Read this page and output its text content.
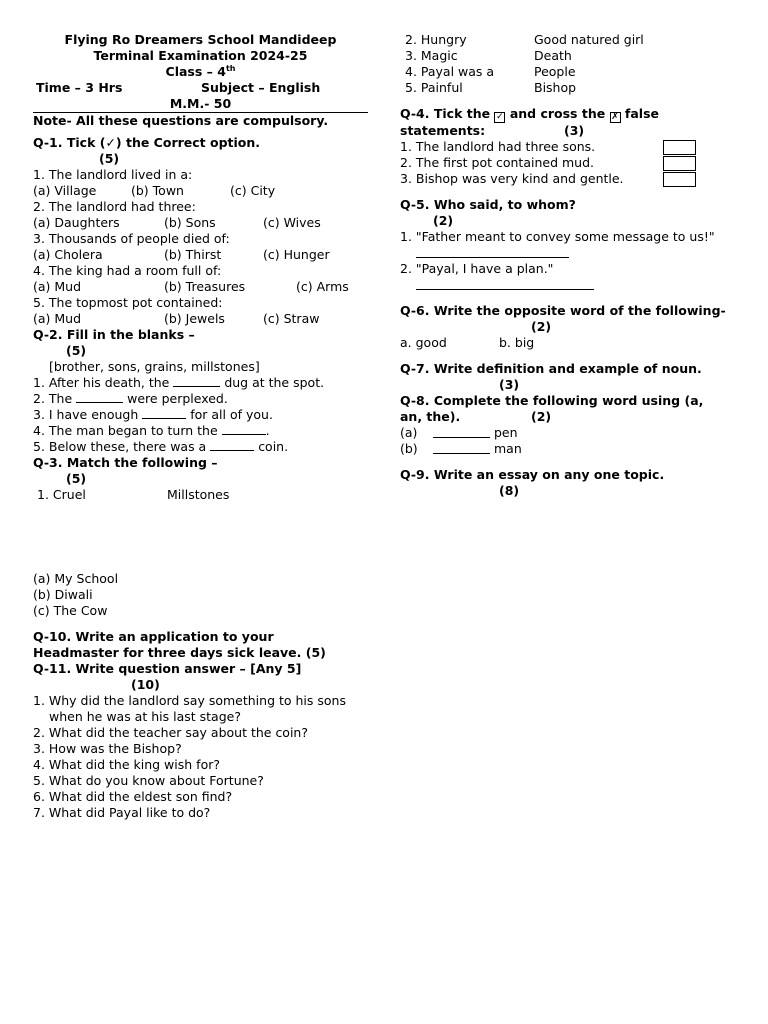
Flying Ro Dreamers School Mandideep
Terminal Examination 2024-25
Class – 4th
Time – 3 Hrs	Subject – English
M.M.- 50
Note- All these questions are compulsory.
Q-1. Tick (✓) the Correct option.
(5)
1. The landlord lived in a:
(a) Village	(b) Town	(c) City
2. The landlord had three:
(a) Daughters	(b) Sons	(c) Wives
3. Thousands of people died of:
(a) Cholera	(b) Thirst	(c) Hunger
4. The king had a room full of:
(a) Mud	(b) Treasures	(c) Arms
5. The topmost pot contained:
(a) Mud	(b) Jewels	(c) Straw
Q-2. Fill in the blanks –
(5)
[brother, sons, grains, millstones]
1. After his death, the	dug at the spot.
2. The	were perplexed.
3. I have enough	for all of you.
4. The man began to turn the	.
5. Below these, there was a	coin.
Q-3. Match the following –
(5)
1. Cruel	Millstones
(a) My School
(b) Diwali
(c) The Cow
Q-10. Write an application to your
Headmaster for three days sick leave. (5)
Q-11. Write question answer – [Any 5]
(10)
1. Why did the landlord say something to his sons
when he was at his last stage?
2. What did the teacher say about the coin?
3. How was the Bishop?
4. What did the king wish for?
5. What do you know about Fortune?
6. What did the eldest son find?
7. What did Payal like to do?
2. Hungry	Good natured girl
3. Magic	Death
4. Payal was a	People
5. Painful	Bishop
Q-4. Tick the ✓ and cross the ✗ false
statements:	(3)
1. The landlord had three sons.
2. The first pot contained mud.
3. Bishop was very kind and gentle.
Q-5. Who said, to whom?
(2)
1. "Father meant to convey some message to us!"
2. "Payal, I have a plan."
Q-6. Write the opposite word of the following-
(2)
a. good	b. big
Q-7. Write definition and example of noun.
(3)
Q-8. Complete the following word using (a,
an, the).	(2)
(a)	pen
(b)	man
Q-9. Write an essay on any one topic.
(8)
